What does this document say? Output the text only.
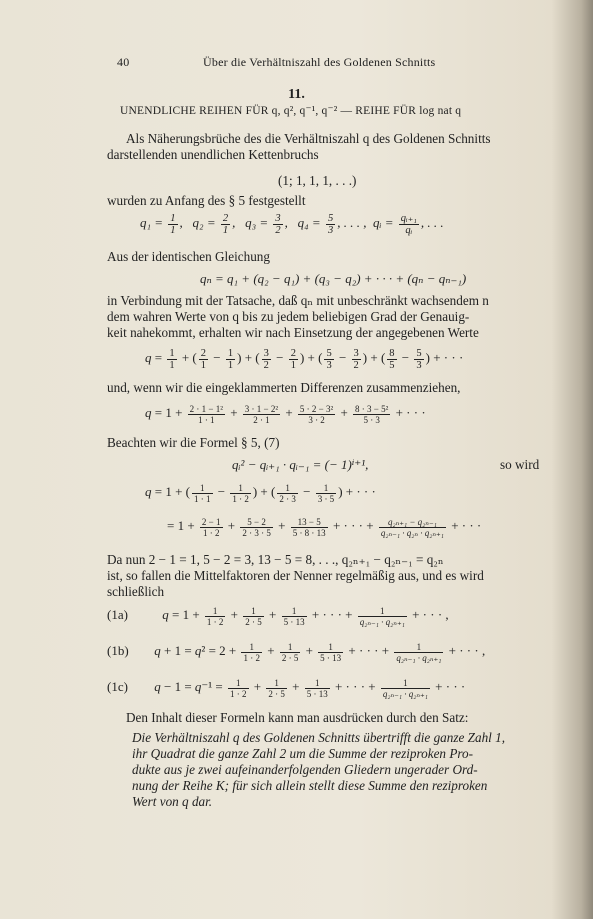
40	Über die Verhältniszahl des Goldenen Schnitts
11.
UNENDLICHE REIHEN FÜR q, q², q⁻¹, q⁻² — REIHE FÜR log nat q
Als Näherungsbrüche des die Verhältniszahl q des Goldenen Schnitts
darstellenden unendlichen Kettenbruchs
(1; 1, 1, 1, . . .)
wurden zu Anfang des § 5 festgestellt
$q_1 = \frac{1}{1}$ ,   $q_2 = \frac{2}{1}$ ,   $q_3 = \frac{3}{2}$ ,   $q_4 = \frac{5}{3}$ , . . . ,  qᵢ = $\frac{\text{qᵢ₊₁}}{\text{qᵢ}}$ , . . .
Aus der identischen Gleichung
qₙ = q₁ + (q₂ − q₁) + (q₃ − q₂) + · · · + (qₙ − qₙ₋₁)
in Verbindung mit der Tatsache, daß qₙ mit unbeschränkt wachsendem n
dem wahren Werte von q bis zu jedem beliebigen Grad der Genauig-
keit nahekommt, erhalten wir nach Einsetzung der angegebenen Werte
$q = \frac{1}{1}$ + ( $\frac{2}{1} - \frac{1}{1}$ ) + ( $\frac{3}{2} - \frac{2}{1}$ ) + ( $\frac{5}{3} - \frac{3}{2}$ ) + ( $\frac{8}{5} - \frac{5}{3}$ ) + · · ·
und, wenn wir die eingeklammerten Differenzen zusammenziehen,
$q = 1 + \frac{\text{2 · 1 − 1²}}{1 \cdot 1} + \frac{\text{3 · 1 − 2²}}{2 \cdot 1} + \frac{\text{5 · 2 − 3²}}{3 \cdot 2} + \frac{\text{8 · 3 − 5²}}{5 \cdot 3}$ + · · ·
Beachten wir die Formel § 5, (7)
qᵢ² − qᵢ₊₁ · qᵢ₋₁ = (− 1)ⁱ⁺¹,	so wird
q = 1 + ( $\frac{1}{1 \cdot 1} - \frac{1}{1 \cdot 2}$ ) + ( $\frac{1}{2 \cdot 3} - \frac{1}{3 \cdot 5}$ ) + · · ·
= $1 + \frac{2 - 1}{1 \cdot 2} + \frac{5 - 2}{2 \cdot 3 \cdot 5} + \frac{13 - 5}{5 \cdot 8 \cdot 13}$ + · · · + $\frac{\text{q₂ₙ₊₁ − q₂ₙ₋₁}}{\text{q₂ₙ₋₁ · q₂ₙ · q₂ₙ₊₁}}$ + · · ·
Da nun 2 − 1 = 1, 5 − 2 = 3, 13 − 5 = 8, . . ., q₂ₙ₊₁ − q₂ₙ₋₁ = q₂ₙ
ist, so fallen die Mittelfaktoren der Nenner regelmäßig aus, und es wird
schließlich
(1a)	$q = 1 + \frac{1}{1 \cdot 2} + \frac{1}{2 \cdot 5} + \frac{1}{5 \cdot 13}$ + · · · + $\frac{1}{\text{q₂ₙ₋₁ · q₂ₙ₊₁}}$ + · · · ,
(1b) $q + 1 = q^2 = 2 + \frac{1}{1 \cdot 2} + \frac{1}{2 \cdot 5} + \frac{1}{5 \cdot 13}$ + · · · + $\frac{1}{\text{q₂ₙ₋₁ · q₂ₙ₊₁}}$ + · · · ,
(1c) $q - 1 = q^{-1} = \frac{1}{1 \cdot 2} + \frac{1}{2 \cdot 5} + \frac{1}{5 \cdot 13}$ + · · · + $\frac{1}{\text{q₂ₙ₋₁ · q₂ₙ₊₁}}$ + · · ·
Den Inhalt dieser Formeln kann man ausdrücken durch den Satz:
Die Verhältniszahl q des Goldenen Schnitts übertrifft die ganze Zahl 1,
ihr Quadrat die ganze Zahl 2 um die Summe der reziproken Pro-
dukte aus je zwei aufeinanderfolgenden Gliedern ungerader Ord-
nung der Reihe K; für sich allein stellt diese Summe den reziproken
Wert von q dar.
